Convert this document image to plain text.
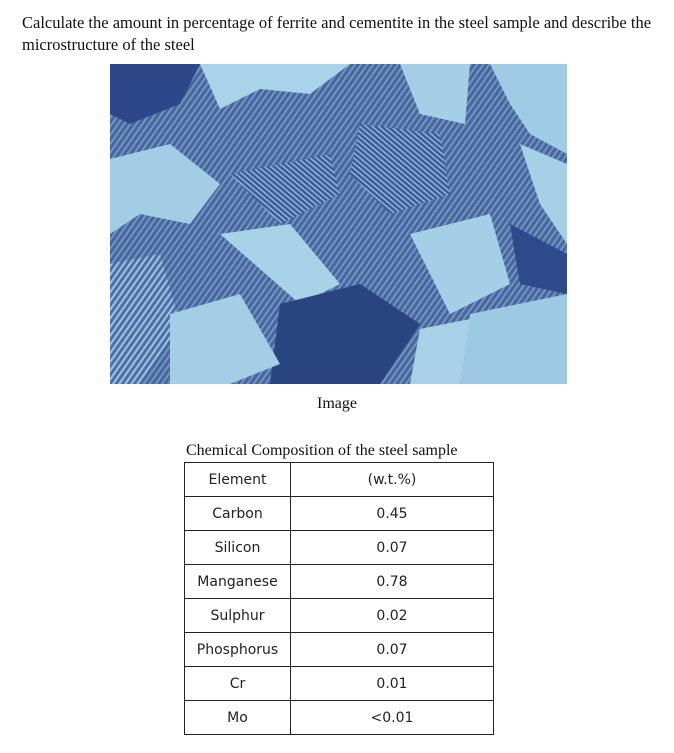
Calculate the amount in percentage of ferrite and cementite in the steel sample and describe the microstructure of the steel
Image
Chemical Composition of the steel sample
Element	(w.t.%)
Carbon	0.45
Silicon	0.07
Manganese	0.78
Sulphur	0.02
Phosphorus	0.07
Cr	0.01
Mo	<0.01
